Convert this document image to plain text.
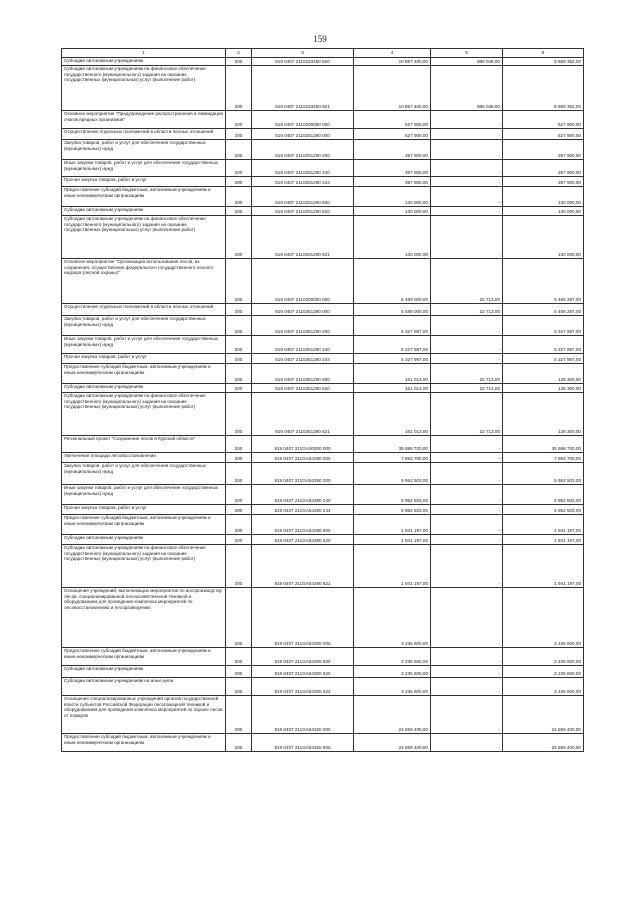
159
1	2	3	4	5	6
Субсидии автономным учреждениям	200	819 0407 2110153450 620	10 857 400,00	988 048,00	9 869 352,00
Субсидии автономным учреждениям на финансовое обеспечение государственного (муниципального) задания на оказание государственных (муниципальных) услуг (выполнение работ)	200	819 0407 2110153450 621	10 857 400,00	988 048,00	9 869 352,00
Основное мероприятие "Предупреждение распространения и ликвидация очагов вредных организмов"	200	819 0407 2110200000 000	527 900,00	-	527 900,00
Осуществление отдельных полномочий в области лесных отношений	200	819 0407 2110251290 000	527 900,00	-	527 900,00
Закупка товаров, работ и услуг для обеспечения государственных (муниципальных) нужд	200	819 0407 2110251290 200	397 900,00	-	397 900,00
Иные закупки товаров, работ и услуг для обеспечения государственных (муниципальных) нужд	200	819 0407 2110251290 240	397 900,00	-	397 900,00
Прочая закупка товаров, работ и услуг	200	819 0407 2110251290 244	397 900,00	-	397 900,00
Предоставление субсидий бюджетным, автономным учреждениям и иным некоммерческим организациям	200	819 0407 2110251290 600	130 000,00	-	130 000,00
Субсидии автономным учреждениям	200	819 0407 2110251290 620	130 000,00	-	130 000,00
Субсидии автономным учреждениям на финансовое обеспечение государственного (муниципального) задания на оказание государственных (муниципальных) услуг (выполнение работ)	200	819 0407 2110251290 621	130 000,00	-	130 000,00
Основное мероприятие "Организация использования лесов, их сохранения, осуществления федерального государственного лесного надзора (лесной охраны)"	200	819 0407 2110300000 000	5 489 000,00	22 713,00	5 466 287,00
Осуществление отдельных полномочий в области лесных отношений	200	819 0407 2110351290 000	5 489 000,00	22 713,00	5 466 287,00
Закупка товаров, работ и услуг для обеспечения государственных (муниципальных) нужд	200	819 0407 2110351290 200	5 327 987,00	-	5 327 987,00
Иные закупки товаров, работ и услуг для обеспечения государственных (муниципальных) нужд	200	819 0407 2110351290 240	5 327 987,00	-	5 327 987,00
Прочая закупка товаров, работ и услуг	200	819 0407 2110351290 244	5 327 987,00	-	5 327 987,00
Предоставление субсидий бюджетным, автономным учреждениям и иным некоммерческим организациям	200	819 0407 2110351290 600	161 013,00	22 713,00	138 300,00
Субсидии автономным учреждениям	200	819 0407 2110351290 620	161 013,00	22 713,00	138 300,00
Субсидии автономным учреждениям на финансовое обеспечение государственного (муниципального) задания на оказание государственных (муниципальных) услуг (выполнение работ)	200	819 0407 2110351290 621	161 013,00	22 713,00	138 300,00
Региональный проект "Сохранение лесов в Курской области"	200	819 0407 211GA00000 000	35 688 700,00	-	35 688 700,00
Увеличение площади лесовосстановления	200	819 0407 211GA54290 000	7 893 700,00	-	7 893 700,00
Закупка товаров, работ и услуг для обеспечения государственных (муниципальных) нужд	200	819 0407 211GA54290 200	5 952 503,00	-	5 952 503,00
Иные закупки товаров, работ и услуг для обеспечения государственных (муниципальных) нужд	200	819 0407 211GA54290 240	5 952 503,00	-	5 952 503,00
Прочая закупка товаров, работ и услуг	200	819 0407 211GA54290 244	5 952 503,00	-	5 952 503,00
Предоставление субсидий бюджетным, автономным учреждениям и иным некоммерческим организациям	200	819 0407 211GA54290 600	1 941 197,00	-	1 941 197,00
Субсидии автономным учреждениям	200	819 0407 211GA54290 620	1 941 197,00	-	1 941 197,00
Субсидии автономным учреждениям на финансовое обеспечение государственного (муниципального) задания на оказание государственных (муниципальных) услуг (выполнение работ)	200	819 0407 211GA54290 621	1 941 197,00	-	1 941 197,00
Оснащение учреждений, выполняющих мероприятия по воспроизводству лесов, специализированной лесохозяйственной техникой и оборудованием для проведения комплекса мероприятий по лесовосстановлению и лесоразведению	200	819 0407 211GA54300 000	3 235 600,00	-	3 235 600,00
Предоставление субсидий бюджетным, автономным учреждениям и иным некоммерческим организациям	200	819 0407 211GA54300 600	3 235 600,00	-	3 235 600,00
Субсидии автономным учреждениям	200	819 0407 211GA54300 620	3 235 600,00	-	3 235 600,00
Субсидии автономным учреждениям на иные цели	200	819 0407 211GA54300 622	3 235 600,00	-	3 235 600,00
Оснащение специализированных учреждений органов государственной власти субъектов Российской Федерации лесопожарной техникой и оборудованием для проведения комплекса мероприятий по охране лесов от пожаров	200	819 0407 211GA54320 000	24 559 400,00	-	24 559 400,00
Предоставление субсидий бюджетным, автономным учреждениям и иным некоммерческим организациям	200	819 0407 211GA54320 600	24 559 400,00	-	24 559 400,00
